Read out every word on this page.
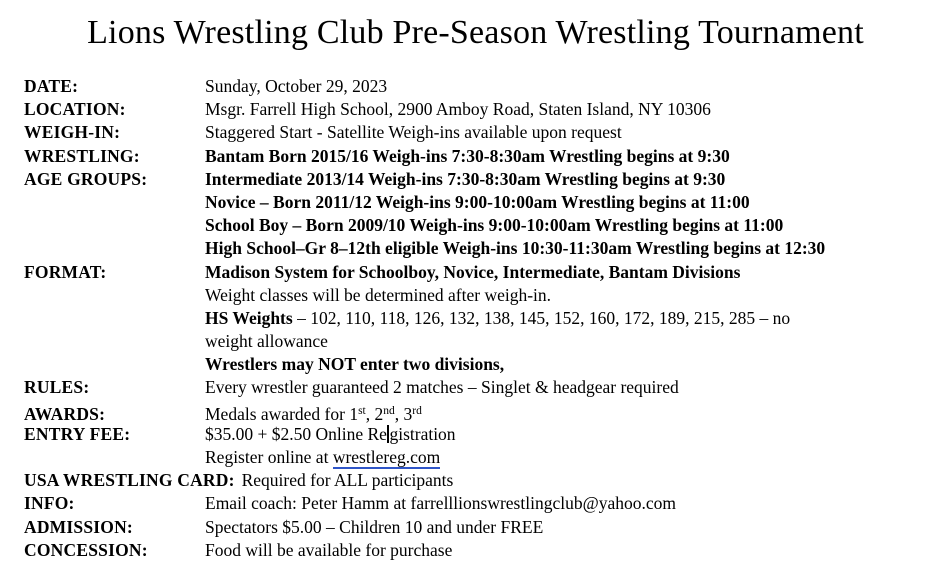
Lions Wrestling Club Pre-Season Wrestling Tournament
DATE:	Sunday, October 29, 2023
LOCATION:	Msgr. Farrell High School, 2900 Amboy Road, Staten Island, NY 10306
WEIGH-IN:	Staggered Start - Satellite Weigh-ins available upon request
WRESTLING:	Bantam Born 2015/16 Weigh-ins 7:30-8:30am Wrestling begins at 9:30
AGE GROUPS:	Intermediate 2013/14 Weigh-ins 7:30-8:30am Wrestling begins at 9:30
Novice – Born 2011/12 Weigh-ins 9:00-10:00am Wrestling begins at 11:00
School Boy – Born 2009/10 Weigh-ins 9:00-10:00am Wrestling begins at 11:00
High School–Gr 8–12th eligible Weigh-ins 10:30-11:30am Wrestling begins at 12:30
FORMAT:	Madison System for Schoolboy, Novice, Intermediate, Bantam Divisions
Weight classes will be determined after weigh-in.
HS Weights – 102, 110, 118, 126, 132, 138, 145, 152, 160, 172, 189, 215, 285 – no
weight allowance
Wrestlers may NOT enter two divisions,
RULES:	Every wrestler guaranteed 2 matches – Singlet & headgear required
AWARDS:	Medals awarded for 1st, 2nd, 3rd
ENTRY FEE:	$35.00 + $2.50 Online Re gistration
Register online at wrestlereg.com
USA WRESTLING CARD: Required for ALL participants
INFO:	Email coach: Peter Hamm at farrelllionswrestlingclub@yahoo.com
ADMISSION:	Spectators $5.00 – Children 10 and under FREE
CONCESSION:	Food will be available for purchase
